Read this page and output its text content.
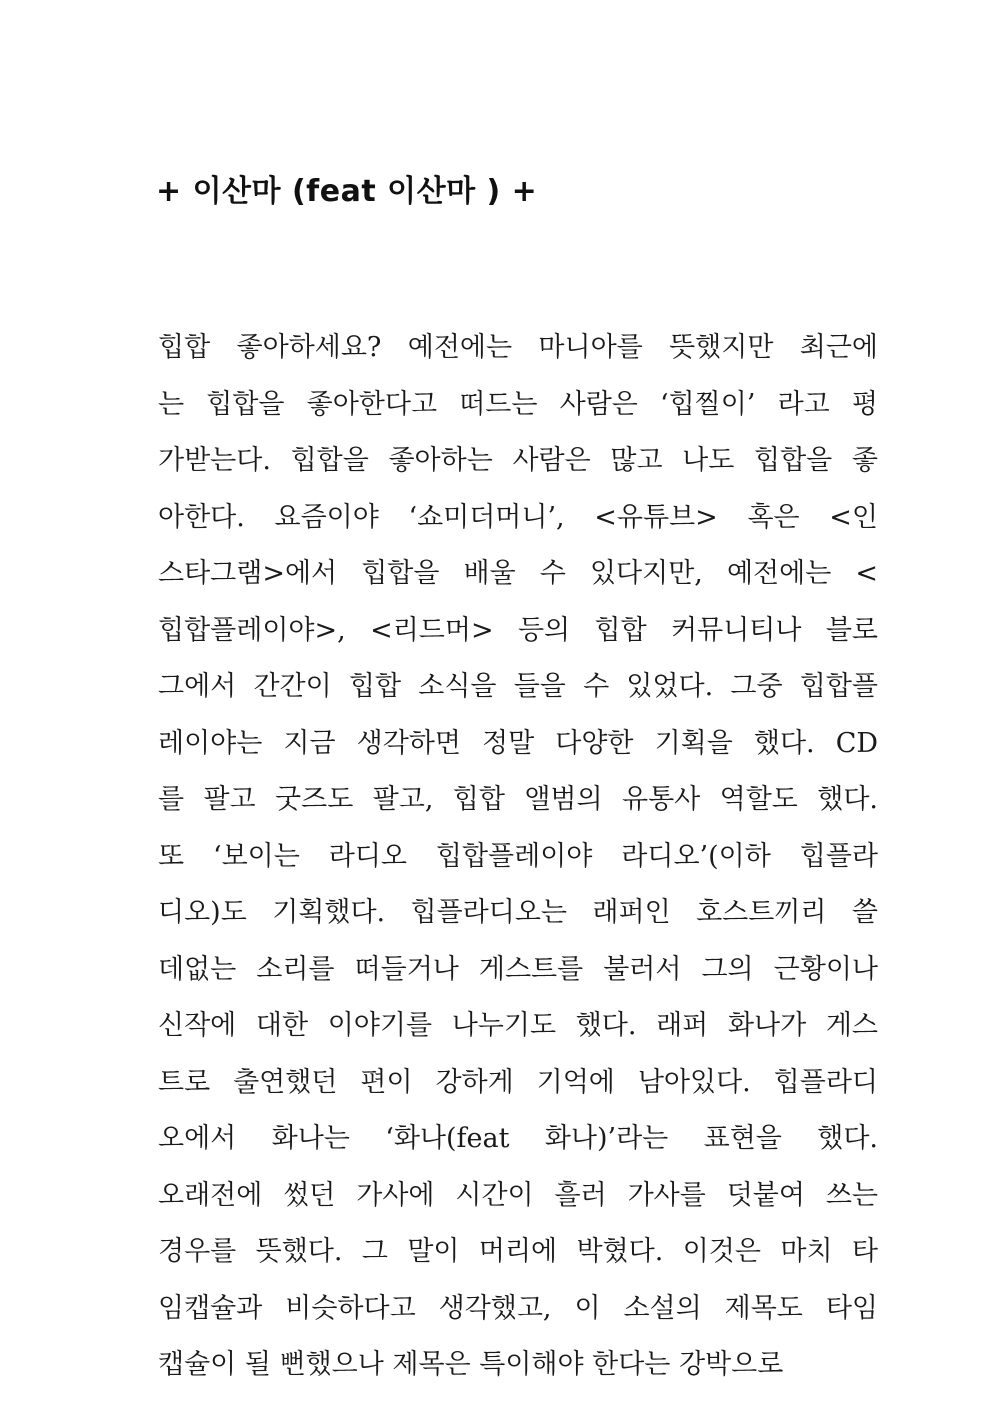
+ 이산마 (feat 이산마 ) +
힙합 좋아하세요? 예전에는 마니아를 뜻했지만 최근에
는 힙합을 좋아한다고 떠드는 사람은 ‘힙찔이’ 라고 평
가받는다. 힙합을 좋아하는 사람은 많고 나도 힙합을 좋
아한다. 요즘이야 ‘쇼미더머니’, <유튜브> 혹은 <인
스타그램>에서 힙합을 배울 수 있다지만, 예전에는 <
힙합플레이야>, <리드머> 등의 힙합 커뮤니티나 블로
그에서 간간이 힙합 소식을 들을 수 있었다. 그중 힙합플
레이야는 지금 생각하면 정말 다양한 기획을 했다. CD
를 팔고 굿즈도 팔고, 힙합 앨범의 유통사 역할도 했다.
또 ‘보이는 라디오 힙합플레이야 라디오’(이하 힙플라
디오)도 기획했다. 힙플라디오는 래퍼인 호스트끼리 쓸
데없는 소리를 떠들거나 게스트를 불러서 그의 근황이나
신작에 대한 이야기를 나누기도 했다. 래퍼 화나가 게스
트로 출연했던 편이 강하게 기억에 남아있다. 힙플라디
오에서 화나는 ‘화나(feat 화나)’라는 표현을 했다.
오래전에 썼던 가사에 시간이 흘러 가사를 덧붙여 쓰는
경우를 뜻했다. 그 말이 머리에 박혔다. 이것은 마치 타
임캡슐과 비슷하다고 생각했고, 이 소설의 제목도 타임
캡슐이 될 뻔했으나 제목은 특이해야 한다는 강박으로
